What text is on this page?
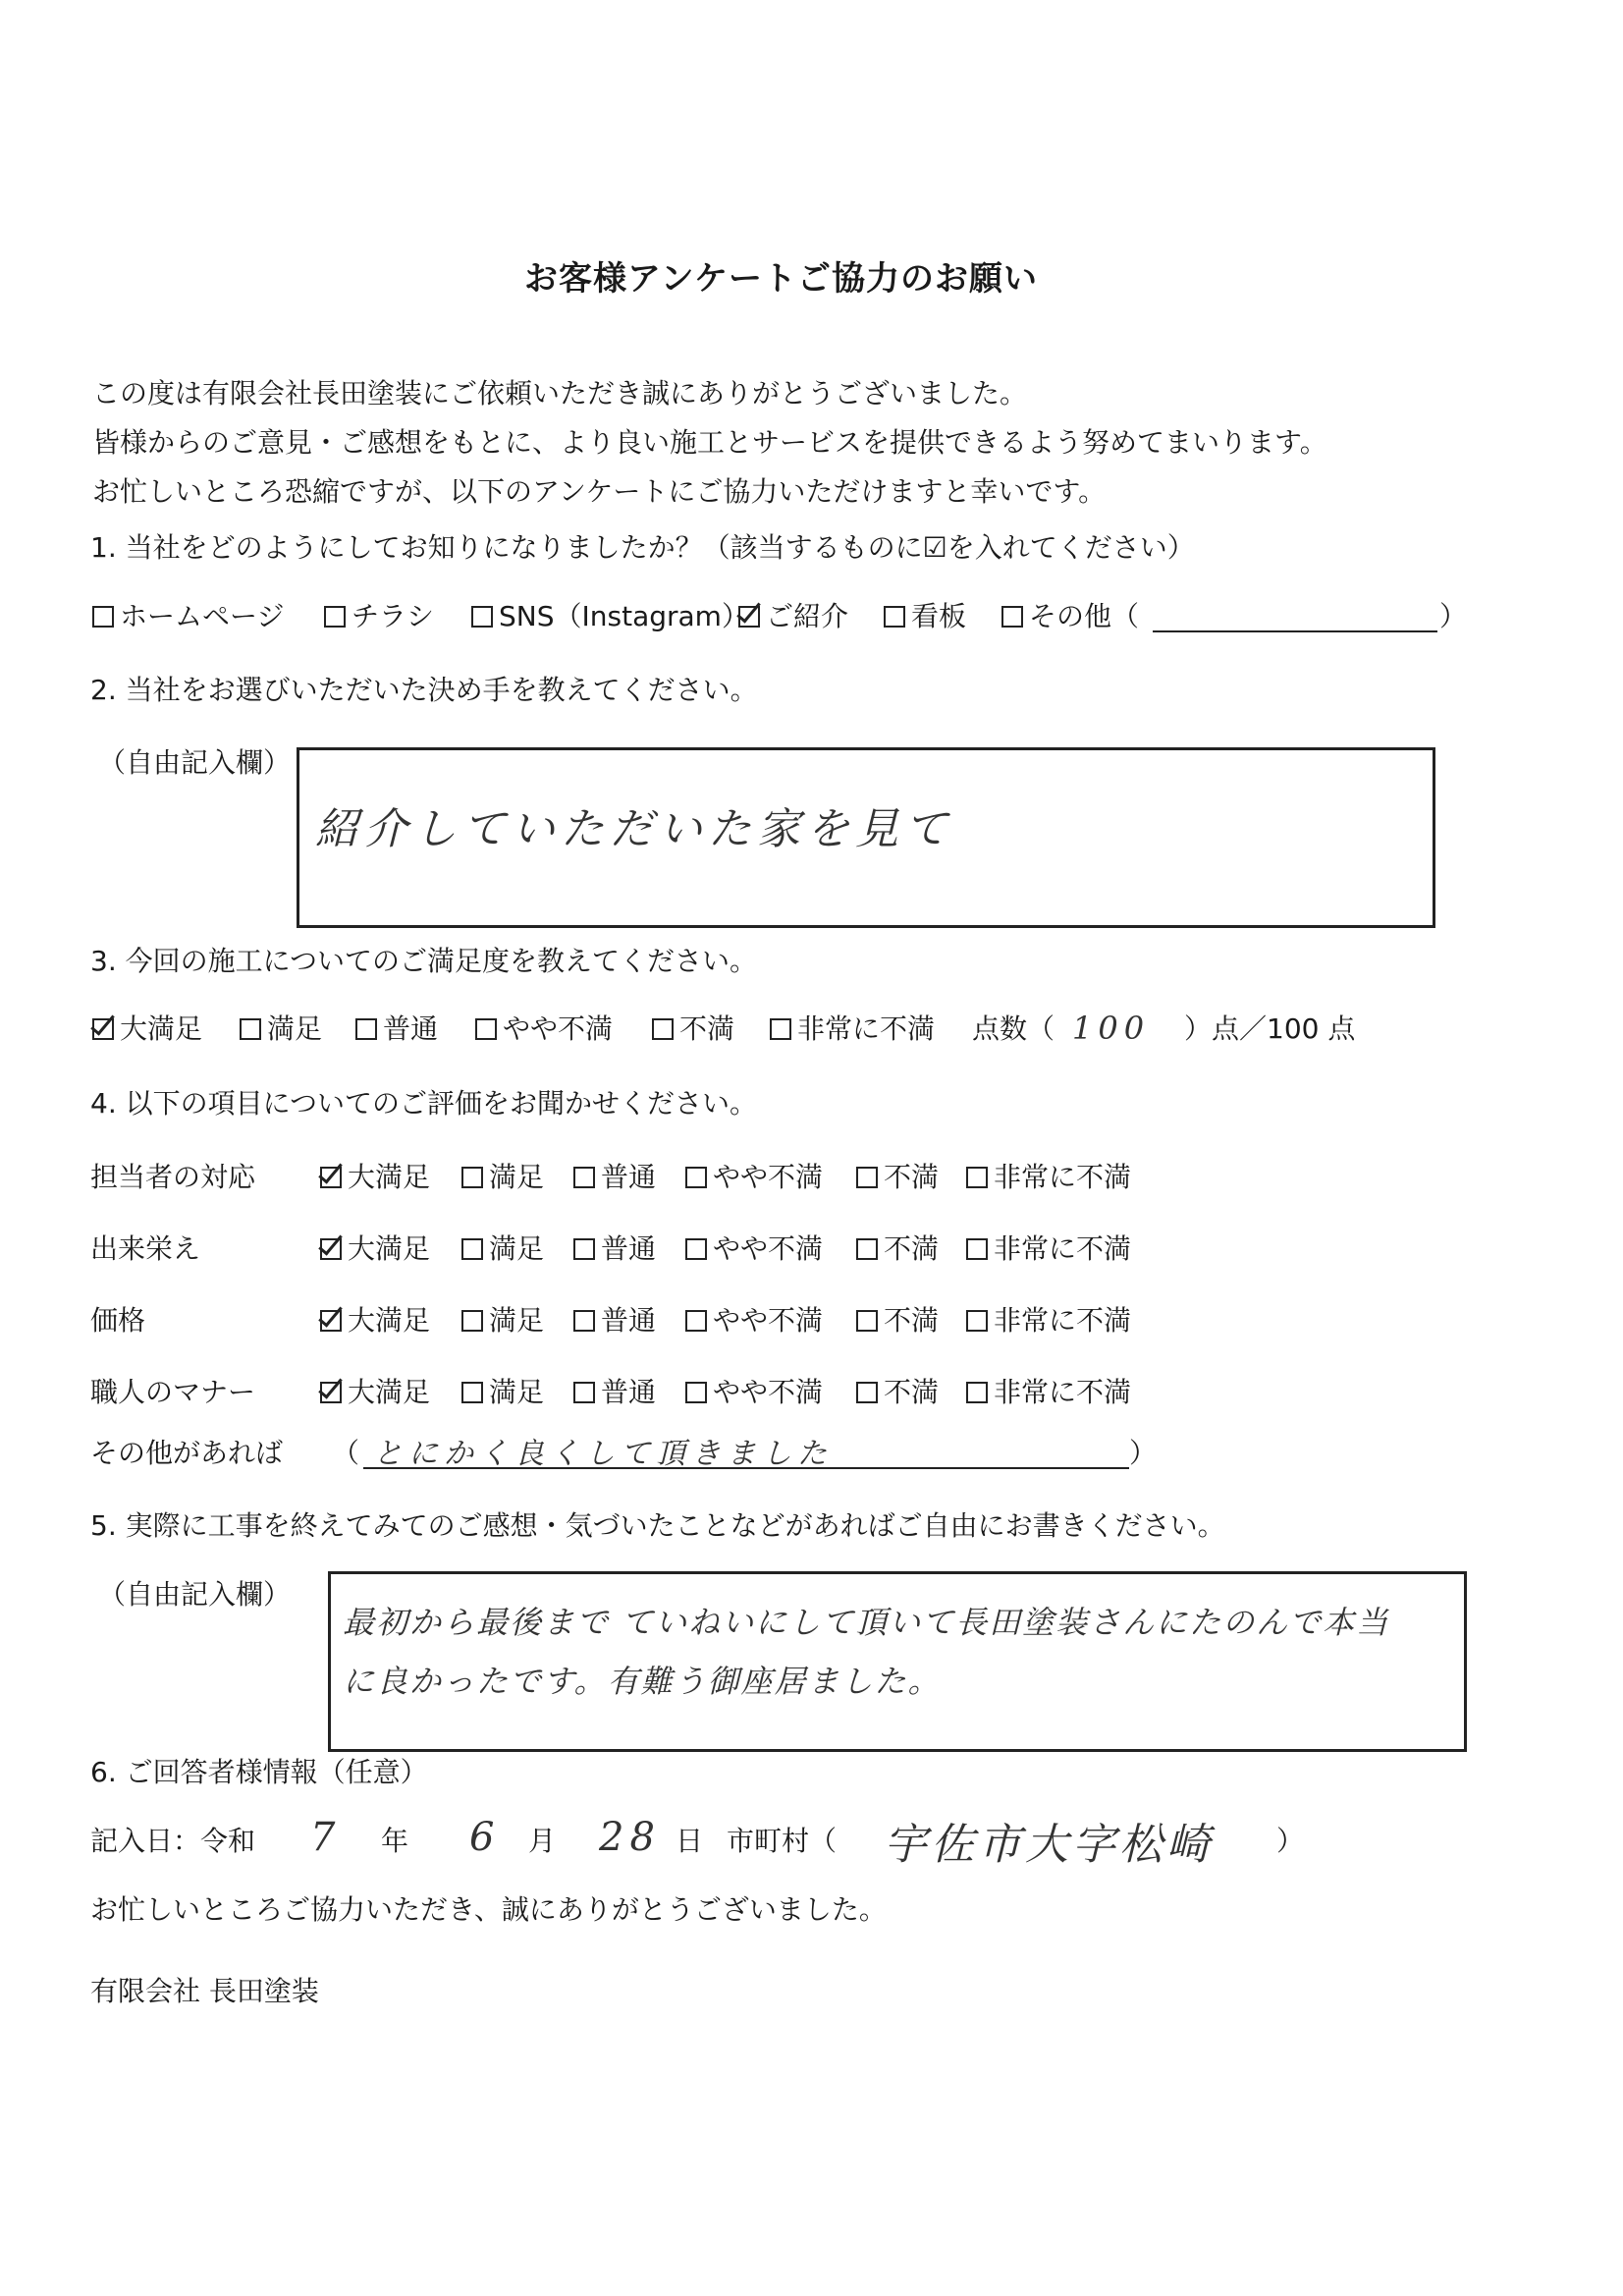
お客様アンケートご協力のお願い
この度は有限会社長田塗装にご依頼いただき誠にありがとうございました。
皆様からのご意見・ご感想をもとに、より良い施工とサービスを提供できるよう努めてまいります。
お忙しいところ恐縮ですが、以下のアンケートにご協力いただけますと幸いです。
1. 当社をどのようにしてお知りになりましたか？（該当するものに☑を入れてください）
ホームページ チラシ SNS（Instagram） ご紹介 看板 その他（	）
2. 当社をお選びいただいた決め手を教えてください。
（自由記入欄）
紹介していただいた家を見て
3. 今回の施工についてのご満足度を教えてください。
大満足 満足 普通 やや不満 不満 非常に不満 点数（ 100 ）点／100 点
4. 以下の項目についてのご評価をお聞かせください。
担当者の対応	大満足 満足 普通 やや不満 不満 非常に不満
出来栄え	大満足 満足 普通 やや不満 不満 非常に不満
価格	大満足 満足 普通 やや不満 不満 非常に不満
職人のマナー	大満足 満足 普通 やや不満 不満 非常に不満
その他があれば （ とにかく良くして頂きました	）
5. 実際に工事を終えてみてのご感想・気づいたことなどがあればご自由にお書きください。
（自由記入欄）
最初から最後まで ていねいにして頂いて長田塗装さんにたのんで本当
に良かったです。有難う御座居ました。
6. ご回答者様情報（任意）
記入日：令和 7 年 6 月 28 日 市町村（ 宇佐市大字松崎 ）
お忙しいところご協力いただき、誠にありがとうございました。
有限会社 長田塗装
